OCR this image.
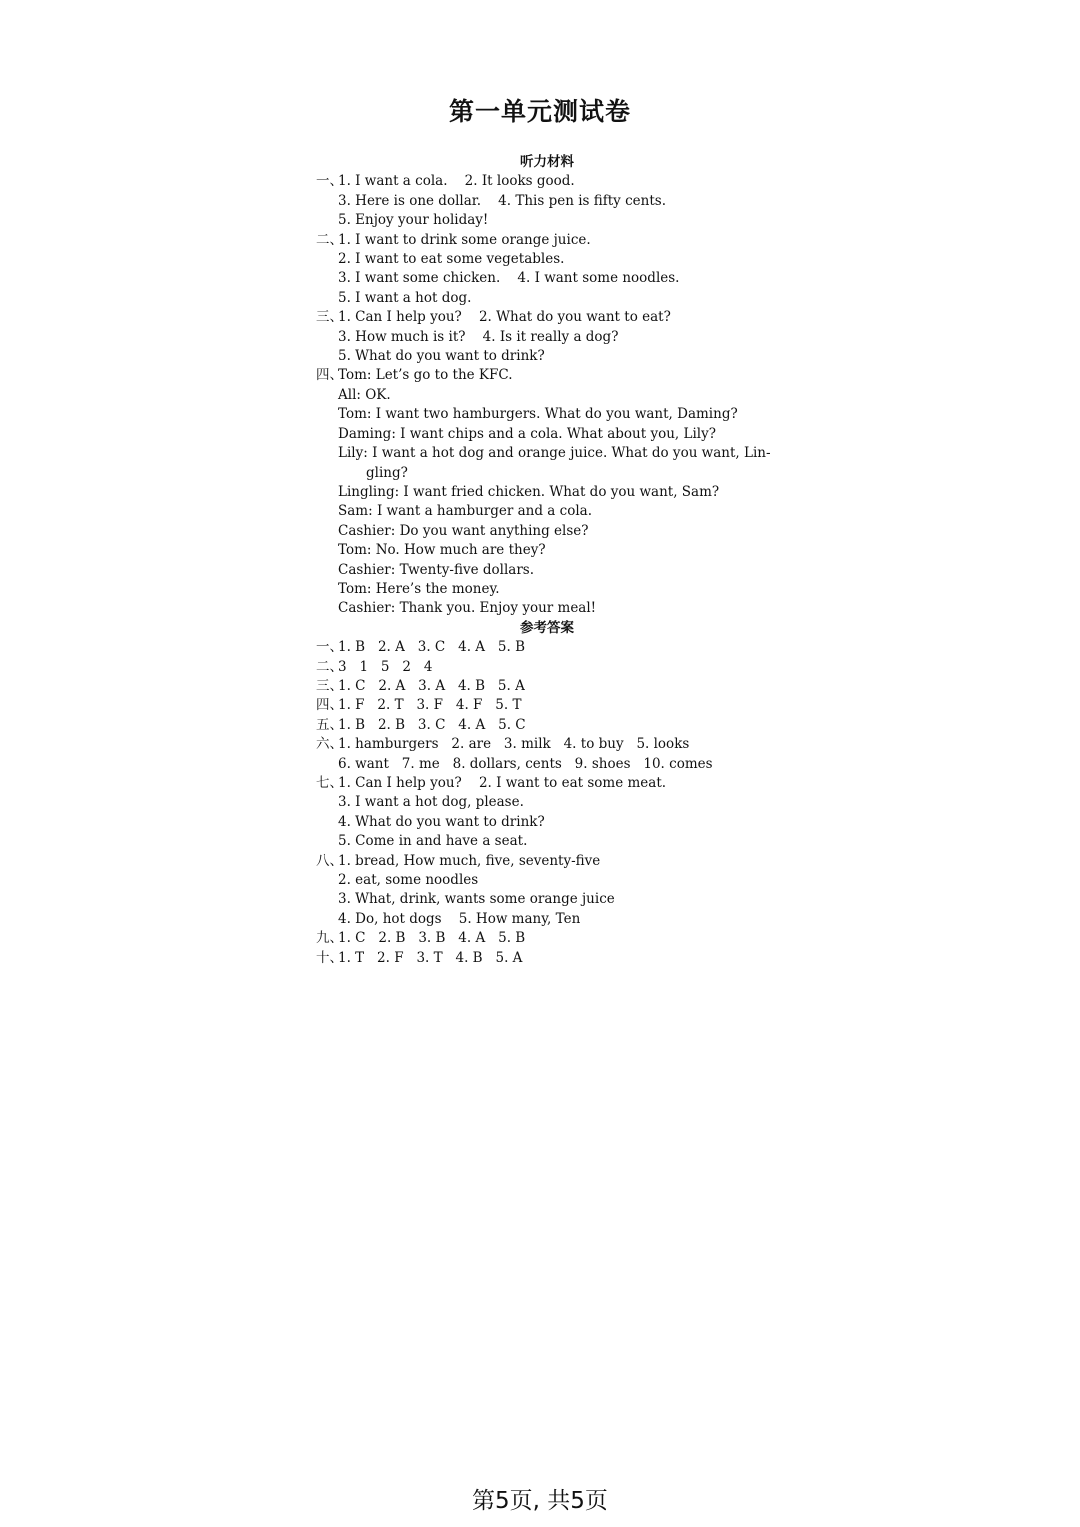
第一单元测试卷
听力材料
一、1. I want a cola.    2. It looks good.
3. Here is one dollar.    4. This pen is fifty cents.
5. Enjoy your holiday!
二、1. I want to drink some orange juice.
2. I want to eat some vegetables.
3. I want some chicken.    4. I want some noodles.
5. I want a hot dog.
三、1. Can I help you?    2. What do you want to eat?
3. How much is it?    4. Is it really a dog?
5. What do you want to drink?
四、Tom: Let’s go to the KFC.
All: OK.
Tom: I want two hamburgers. What do you want, Daming?
Daming: I want chips and a cola. What about you, Lily?
Lily: I want a hot dog and orange juice. What do you want, Lin-
gling?
Lingling: I want fried chicken. What do you want, Sam?
Sam: I want a hamburger and a cola.
Cashier: Do you want anything else?
Tom: No. How much are they?
Cashier: Twenty-five dollars.
Tom: Here’s the money.
Cashier: Thank you. Enjoy your meal!
参考答案
一、1. B   2. A   3. C   4. A   5. B
二、3   1   5   2   4
三、1. C   2. A   3. A   4. B   5. A
四、1. F   2. T   3. F   4. F   5. T
五、1. B   2. B   3. C   4. A   5. C
六、1. hamburgers   2. are   3. milk   4. to buy   5. looks
6. want   7. me   8. dollars, cents   9. shoes   10. comes
七、1. Can I help you?    2. I want to eat some meat.
3. I want a hot dog, please.
4. What do you want to drink?
5. Come in and have a seat.
八、1. bread, How much, five, seventy-five
2. eat, some noodles
3. What, drink, wants some orange juice
4. Do, hot dogs    5. How many, Ten
九、1. C   2. B   3. B   4. A   5. B
十、1. T   2. F   3. T   4. B   5. A
第5页, 共5页
